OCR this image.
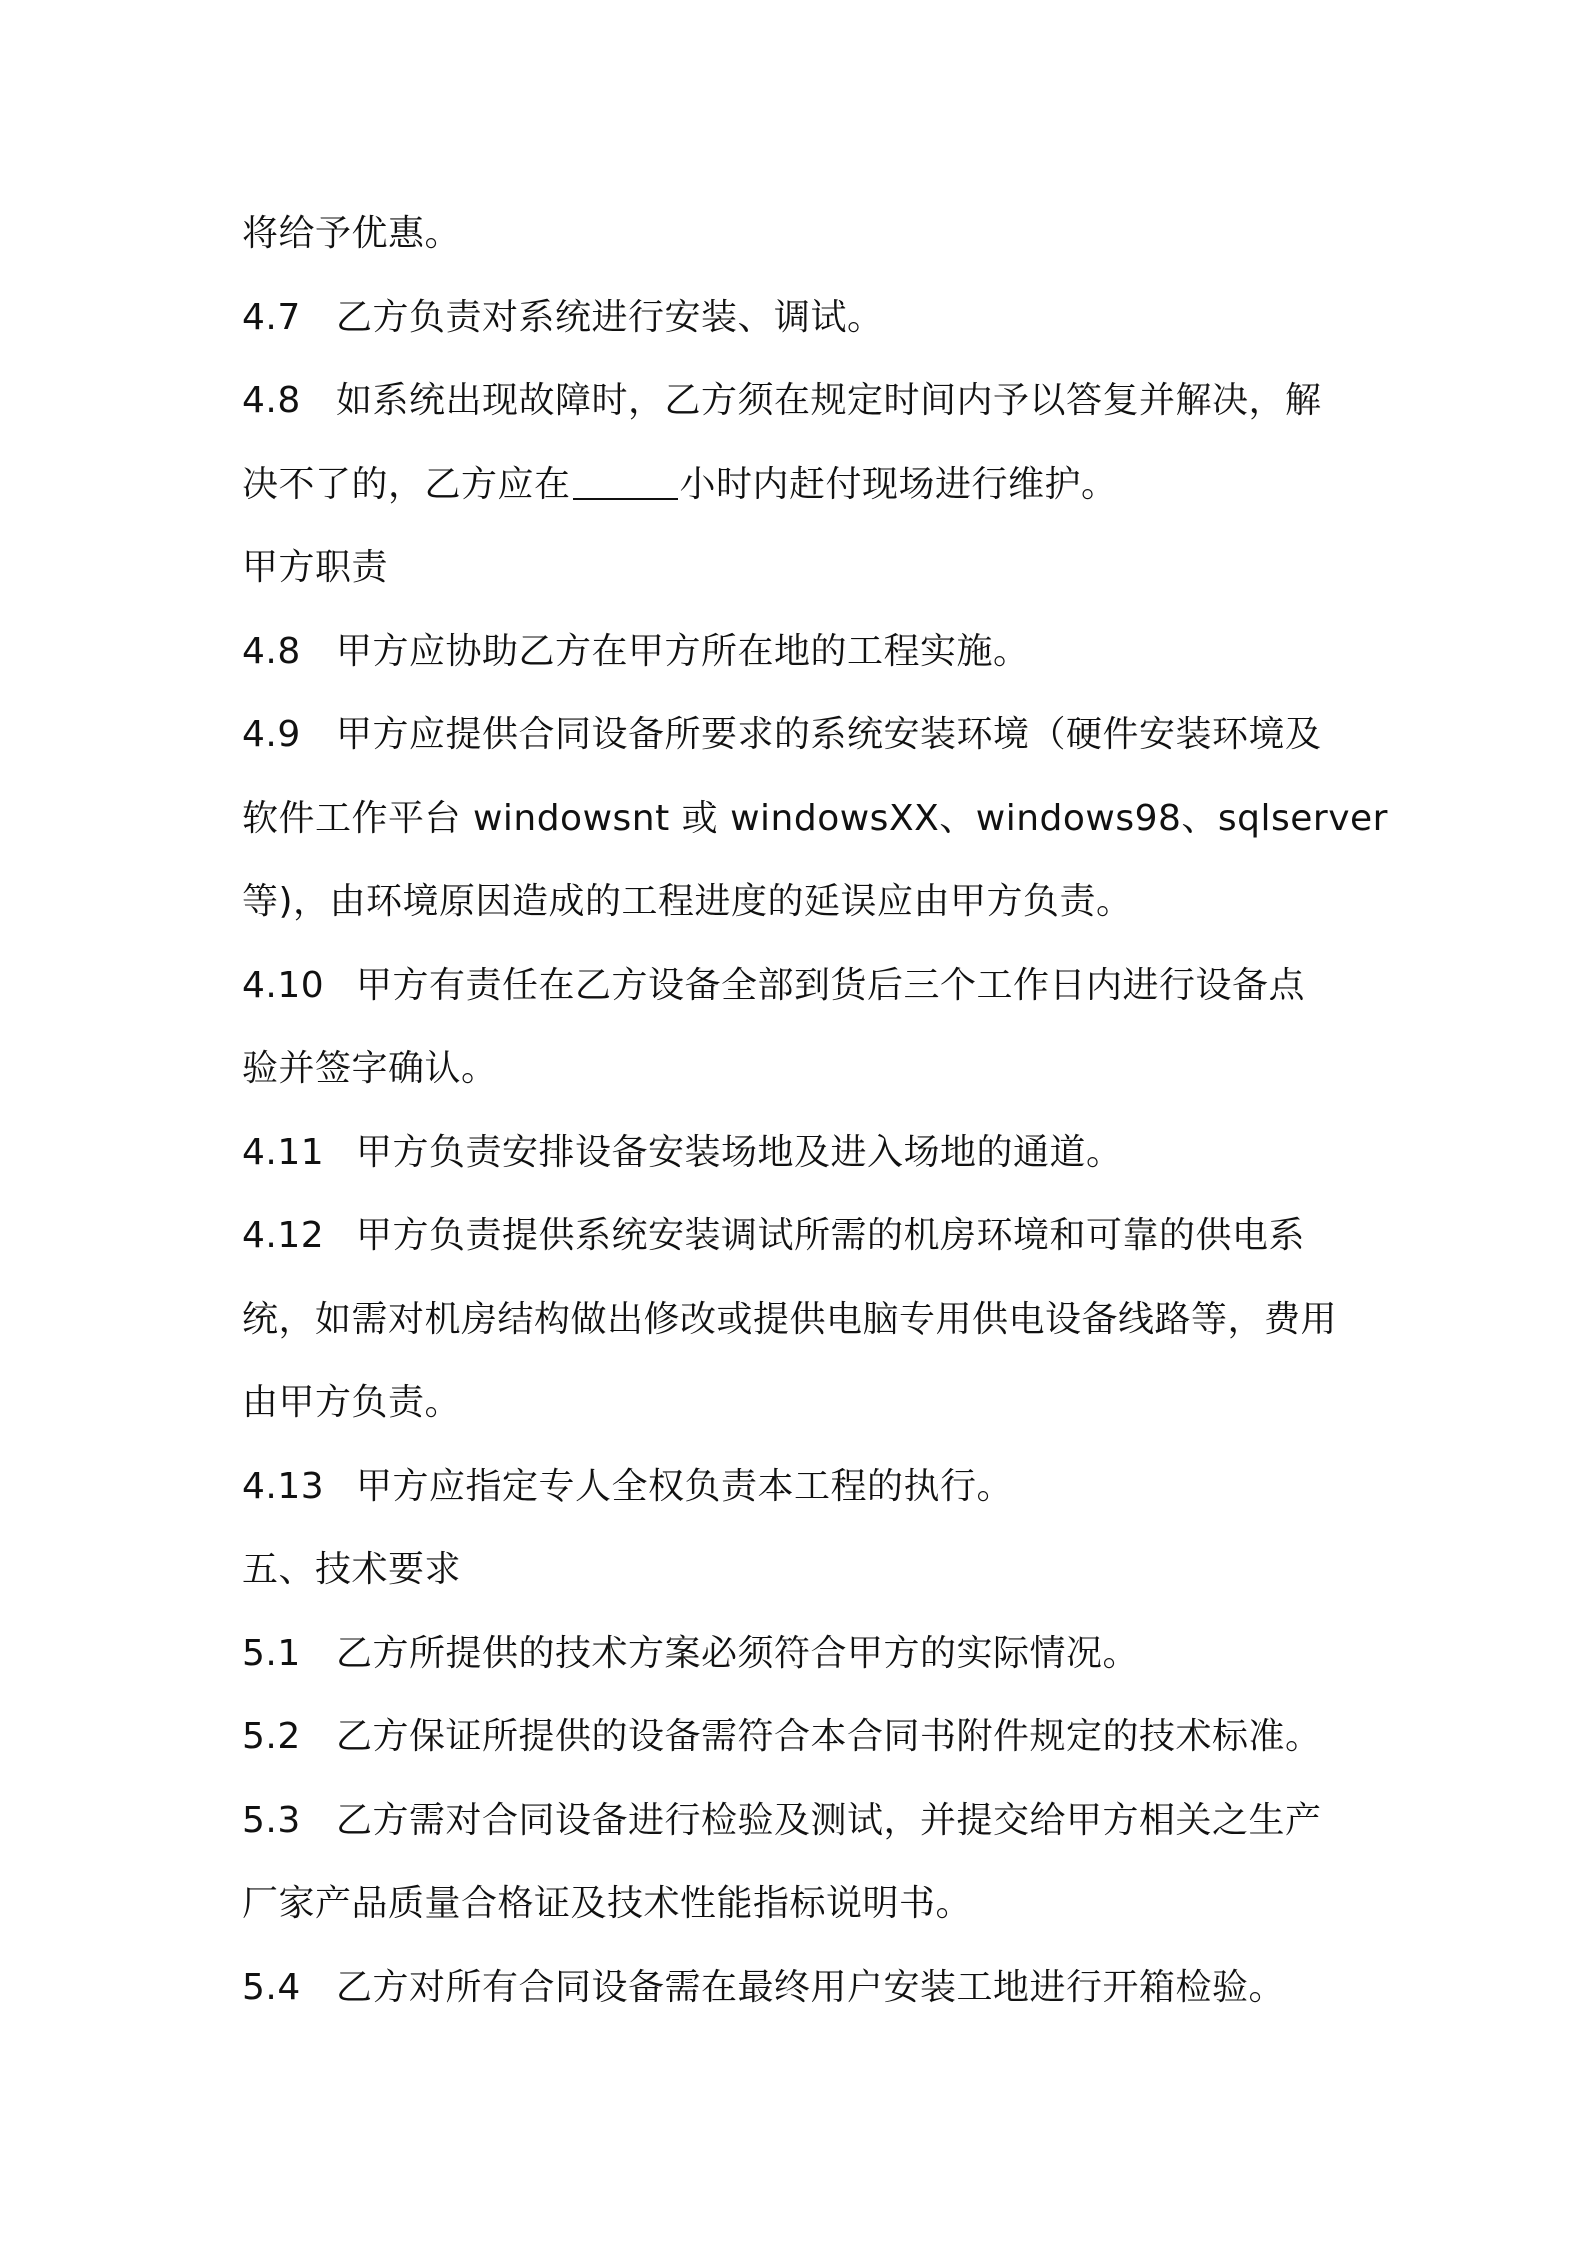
将给予优惠。
4.7 乙方负责对系统进行安装、调试。
4.8 如系统出现故障时，乙方须在规定时间内予以答复并解决，解
决不了的，乙方应在	小时内赶付现场进行维护。
甲方职责
4.8 甲方应协助乙方在甲方所在地的工程实施。
4.9 甲方应提供合同设备所要求的系统安装环境（硬件安装环境及
软件工作平台 windowsnt 或 windowsXX、windows98、sqlserver
等)，由环境原因造成的工程进度的延误应由甲方负责。
4.10 甲方有责任在乙方设备全部到货后三个工作日内进行设备点
验并签字确认。
4.11 甲方负责安排设备安装场地及进入场地的通道。
4.12 甲方负责提供系统安装调试所需的机房环境和可靠的供电系
统，如需对机房结构做出修改或提供电脑专用供电设备线路等，费用
由甲方负责。
4.13 甲方应指定专人全权负责本工程的执行。
五、技术要求
5.1 乙方所提供的技术方案必须符合甲方的实际情况。
5.2 乙方保证所提供的设备需符合本合同书附件规定的技术标准。
5.3 乙方需对合同设备进行检验及测试，并提交给甲方相关之生产
厂家产品质量合格证及技术性能指标说明书。
5.4 乙方对所有合同设备需在最终用户安装工地进行开箱检验。
